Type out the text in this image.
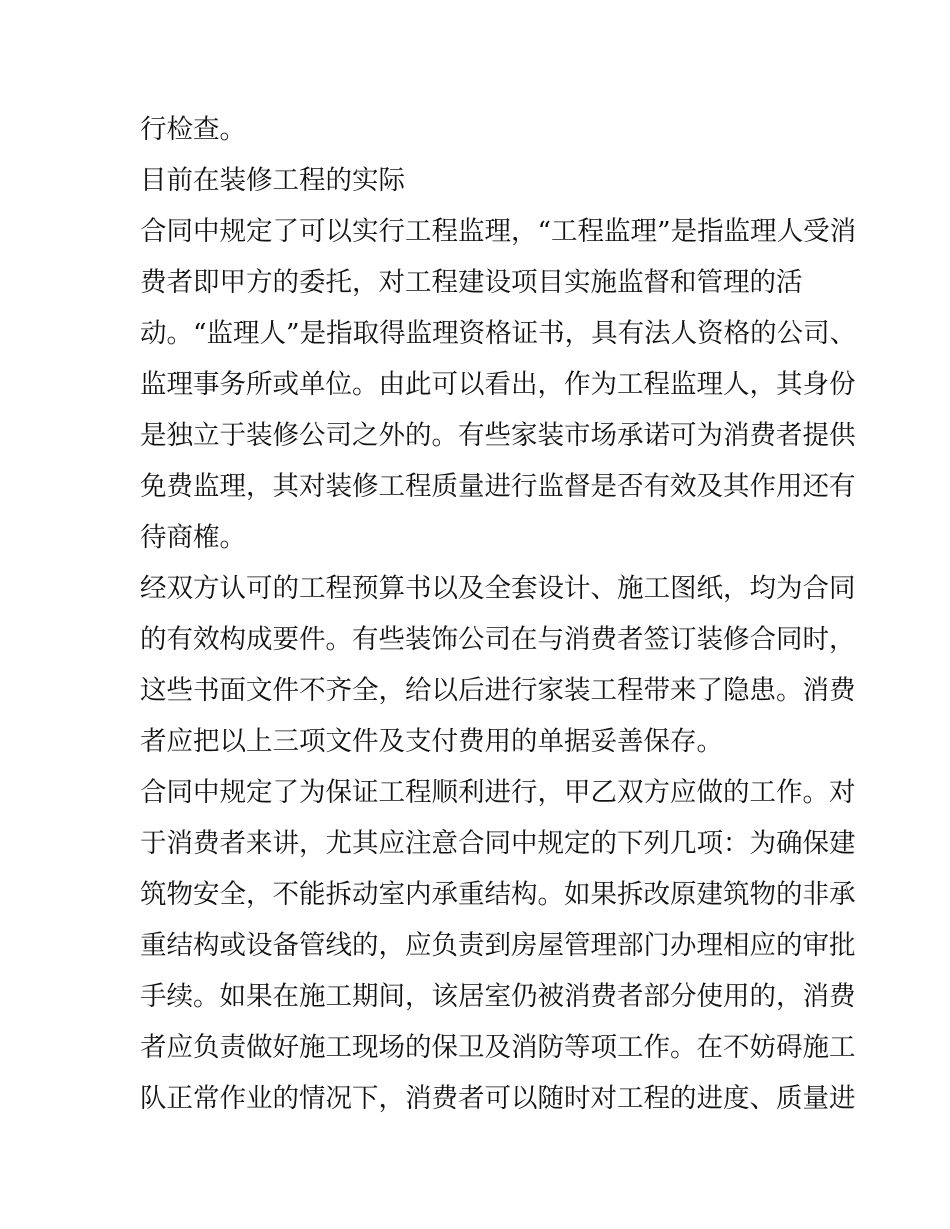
行检查。
目前在装修工程的实际
合同中规定了可以实行工程监理，“工程监理”是指监理人受消
费者即甲方的委托，对工程建设项目实施监督和管理的活
动。“监理人”是指取得监理资格证书，具有法人资格的公司、
监理事务所或单位。由此可以看出，作为工程监理人，其身份
是独立于装修公司之外的。有些家装市场承诺可为消费者提供
免费监理，其对装修工程质量进行监督是否有效及其作用还有
待商榷。
经双方认可的工程预算书以及全套设计、施工图纸，均为合同
的有效构成要件。有些装饰公司在与消费者签订装修合同时，
这些书面文件不齐全，给以后进行家装工程带来了隐患。消费
者应把以上三项文件及支付费用的单据妥善保存。
合同中规定了为保证工程顺利进行，甲乙双方应做的工作。对
于消费者来讲，尤其应注意合同中规定的下列几项：为确保建
筑物安全，不能拆动室内承重结构。如果拆改原建筑物的非承
重结构或设备管线的，应负责到房屋管理部门办理相应的审批
手续。如果在施工期间，该居室仍被消费者部分使用的，消费
者应负责做好施工现场的保卫及消防等项工作。在不妨碍施工
队正常作业的情况下，消费者可以随时对工程的进度、质量进
